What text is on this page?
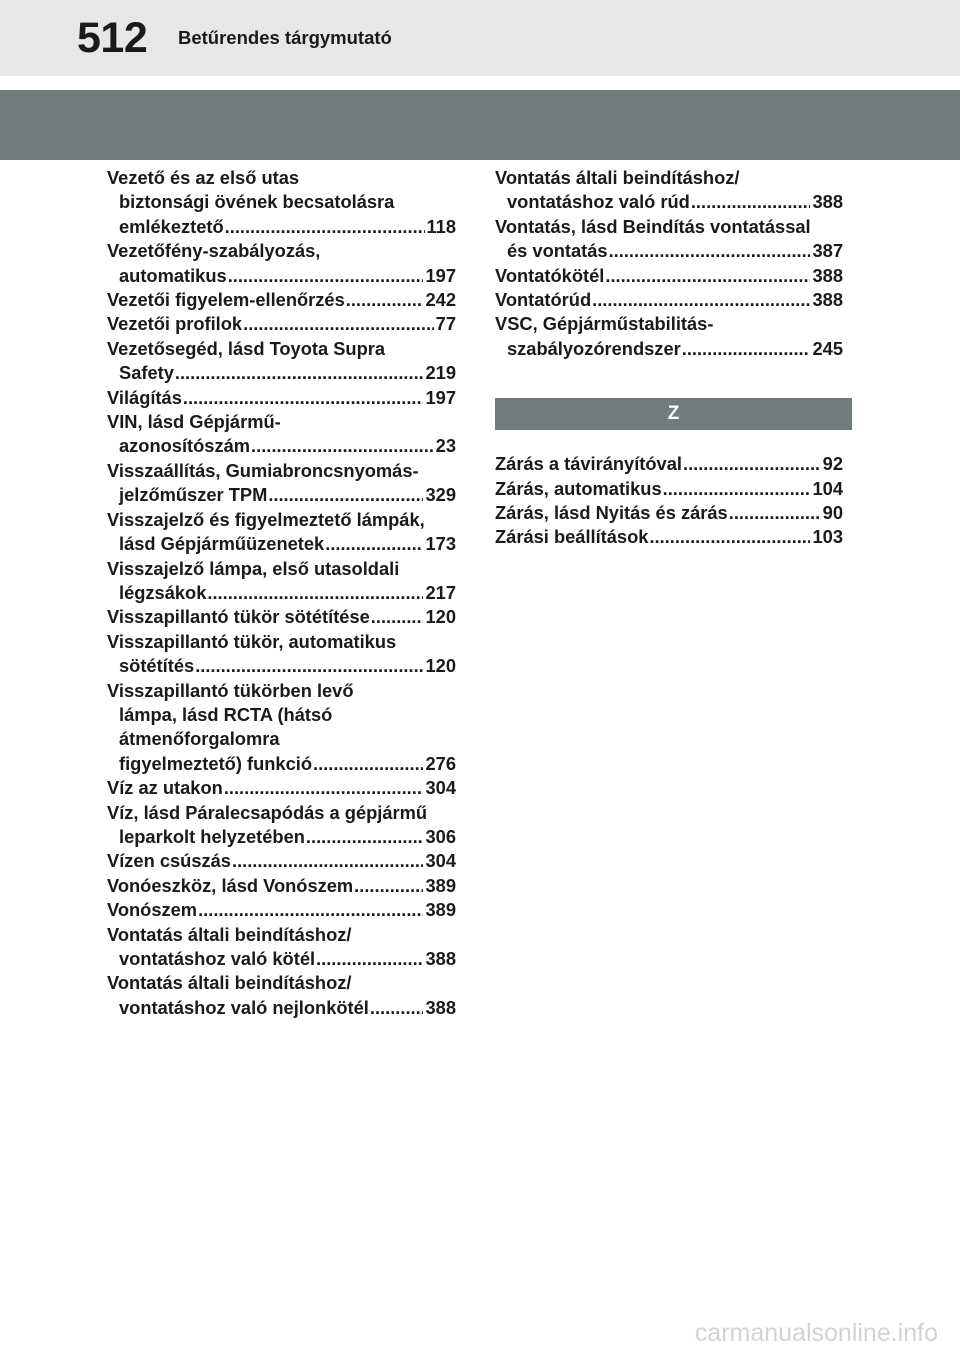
512 Betűrendes tárgymutató
Vezető és az első utas
biztonsági övének becsatolásra
emlékeztető .....	118
Vezetőfény-szabályozás,
automatikus .....	197
Vezetői figyelem-ellenőrzés .....	242
Vezetői profilok .....	77
Vezetősegéd, lásd Toyota Supra
Safety .....	219
Világítás .....	197
VIN, lásd Gépjármű-
azonosítószám .....	23
Visszaállítás, Gumiabroncsnyomás-
jelzőműszer TPM .....	329
Visszajelző és figyelmeztető lámpák,
lásd Gépjárműüzenetek .....	173
Visszajelző lámpa, első utasoldali
légzsákok .....	217
Visszapillantó tükör sötétítése .....	120
Visszapillantó tükör, automatikus
sötétítés .....	120
Visszapillantó tükörben levő
lámpa, lásd RCTA (hátsó
átmenőforgalomra
figyelmeztető) funkció .....	276
Víz az utakon .....	304
Víz, lásd Páralecsapódás a gépjármű
leparkolt helyzetében .....	306
Vízen csúszás .....	304
Vonóeszköz, lásd Vonószem .....	389
Vonószem .....	389
Vontatás általi beindításhoz/
vontatáshoz való kötél .....	388
Vontatás általi beindításhoz/
vontatáshoz való nejlonkötél .....	388
Vontatás általi beindításhoz/
vontatáshoz való rúd .....	388
Vontatás, lásd Beindítás vontatással
és vontatás .....	387
Vontatókötél .....	388
Vontatórúd .....	388
VSC, Gépjárműstabilitás-
szabályozórendszer .....	245
Z
Zárás a távirányítóval .....	92
Zárás, automatikus .....	104
Zárás, lásd Nyitás és zárás .....	90
Zárási beállítások .....	103
carmanualsonline.info
